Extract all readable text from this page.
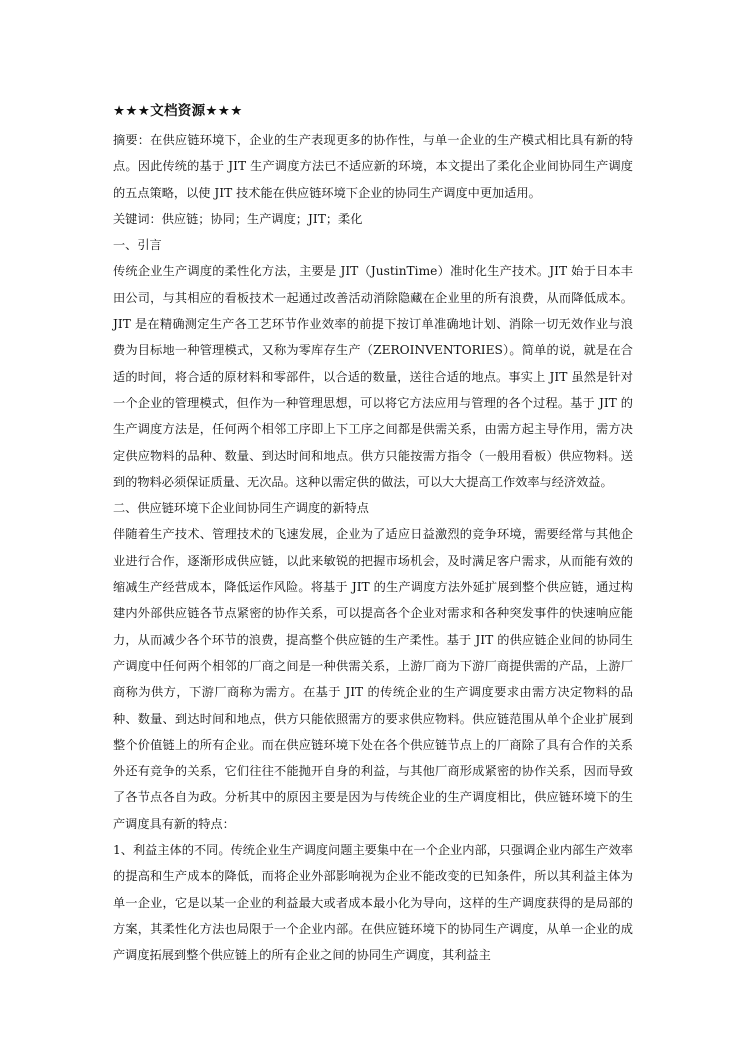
★★★文档资源★★★

摘要：在供应链环境下，企业的生产表现更多的协作性，与单一企业的生产模式相比具有新的特点。因此传统的基于 JIT 生产调度方法已不适应新的环境，本文提出了柔化企业间协同生产调度的五点策略，以使 JIT 技术能在供应链环境下企业的协同生产调度中更加适用。

关键词：供应链；协同；生产调度；JIT；柔化

一、引言

传统企业生产调度的柔性化方法，主要是 JIT（JustinTime）准时化生产技术。JIT 始于日本丰田公司，与其相应的看板技术一起通过改善活动消除隐藏在企业里的所有浪费，从而降低成本。JIT 是在精确测定生产各工艺环节作业效率的前提下按订单准确地计划、消除一切无效作业与浪费为目标地一种管理模式，又称为零库存生产（ZEROINVENTORIES）。简单的说，就是在合适的时间，将合适的原材料和零部件，以合适的数量，送往合适的地点。事实上 JIT 虽然是针对一个企业的管理模式，但作为一种管理思想，可以将它方法应用与管理的各个过程。基于 JIT 的生产调度方法是，任何两个相邻工序即上下工序之间都是供需关系，由需方起主导作用，需方决定供应物料的品种、数量、到达时间和地点。供方只能按需方指令（一般用看板）供应物料。送到的物料必须保证质量、无次品。这种以需定供的做法，可以大大提高工作效率与经济效益。

二、供应链环境下企业间协同生产调度的新特点

伴随着生产技术、管理技术的飞速发展，企业为了适应日益激烈的竞争环境，需要经常与其他企业进行合作，逐渐形成供应链，以此来敏锐的把握市场机会，及时满足客户需求，从而能有效的缩减生产经营成本，降低运作风险。将基于 JIT 的生产调度方法外延扩展到整个供应链，通过构建内外部供应链各节点紧密的协作关系，可以提高各个企业对需求和各种突发事件的快速响应能力，从而减少各个环节的浪费，提高整个供应链的生产柔性。基于 JIT 的供应链企业间的协同生产调度中任何两个相邻的厂商之间是一种供需关系，上游厂商为下游厂商提供需的产品，上游厂商称为供方，下游厂商称为需方。在基于 JIT 的传统企业的生产调度要求由需方决定物料的品种、数量、到达时间和地点，供方只能依照需方的要求供应物料。供应链范围从单个企业扩展到整个价值链上的所有企业。而在供应链环境下处在各个供应链节点上的厂商除了具有合作的关系外还有竞争的关系，它们往往不能抛开自身的利益，与其他厂商形成紧密的协作关系，因而导致了各节点各自为政。分析其中的原因主要是因为与传统企业的生产调度相比，供应链环境下的生产调度具有新的特点：

1、利益主体的不同。传统企业生产调度问题主要集中在一个企业内部，只强调企业内部生产效率的提高和生产成本的降低，而将企业外部影响视为企业不能改变的已知条件，所以其利益主体为单一企业，它是以某一企业的利益最大或者成本最小化为导向，这样的生产调度获得的是局部的方案，其柔性化方法也局限于一个企业内部。在供应链环境下的协同生产调度，从单一企业的成产调度拓展到整个供应链上的所有企业之间的协同生产调度，其利益主
